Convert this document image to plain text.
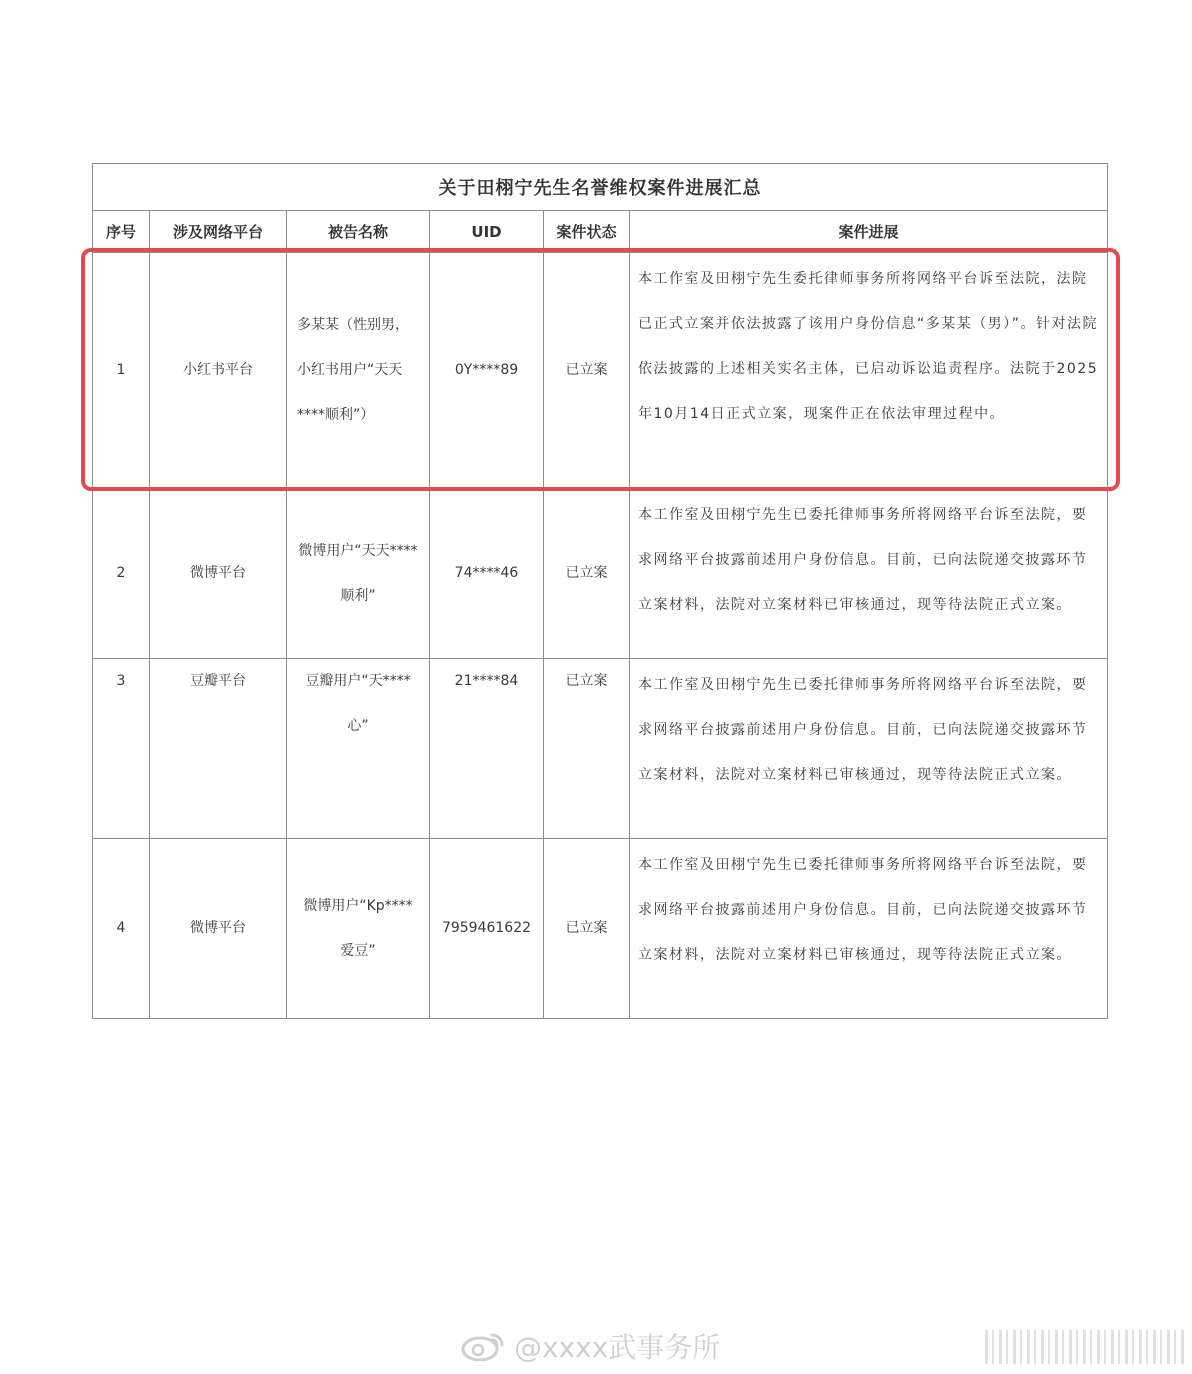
关于田栩宁先生名誉维权案件进展汇总					
序号	涉及网络平台	被告名称	UID	案件状态	案件进展
1	小红书平台	多某某（性别男，小红书用户“天天****顺利”）	0Y****89	已立案	本工作室及田栩宁先生委托律师事务所将网络平台诉至法院，法院已正式立案并依法披露了该用户身份信息“多某某（男）”。针对法院依法披露的上述相关实名主体，已启动诉讼追责程序。法院于2025年10月14日正式立案，现案件正在依法审理过程中。
2	微博平台	微博用户“天天****顺利”	74****46	已立案	本工作室及田栩宁先生已委托律师事务所将网络平台诉至法院，要求网络平台披露前述用户身份信息。目前，已向法院递交披露环节立案材料，法院对立案材料已审核通过，现等待法院正式立案。
3	豆瓣平台	豆瓣用户“天****心”	21****84	已立案	本工作室及田栩宁先生已委托律师事务所将网络平台诉至法院，要求网络平台披露前述用户身份信息。目前，已向法院递交披露环节立案材料，法院对立案材料已审核通过，现等待法院正式立案。
4	微博平台	微博用户“Kp****爱豆”	7959461622	已立案	本工作室及田栩宁先生已委托律师事务所将网络平台诉至法院，要求网络平台披露前述用户身份信息。目前，已向法院递交披露环节立案材料，法院对立案材料已审核通过，现等待法院正式立案。
@xxxx武事务所
